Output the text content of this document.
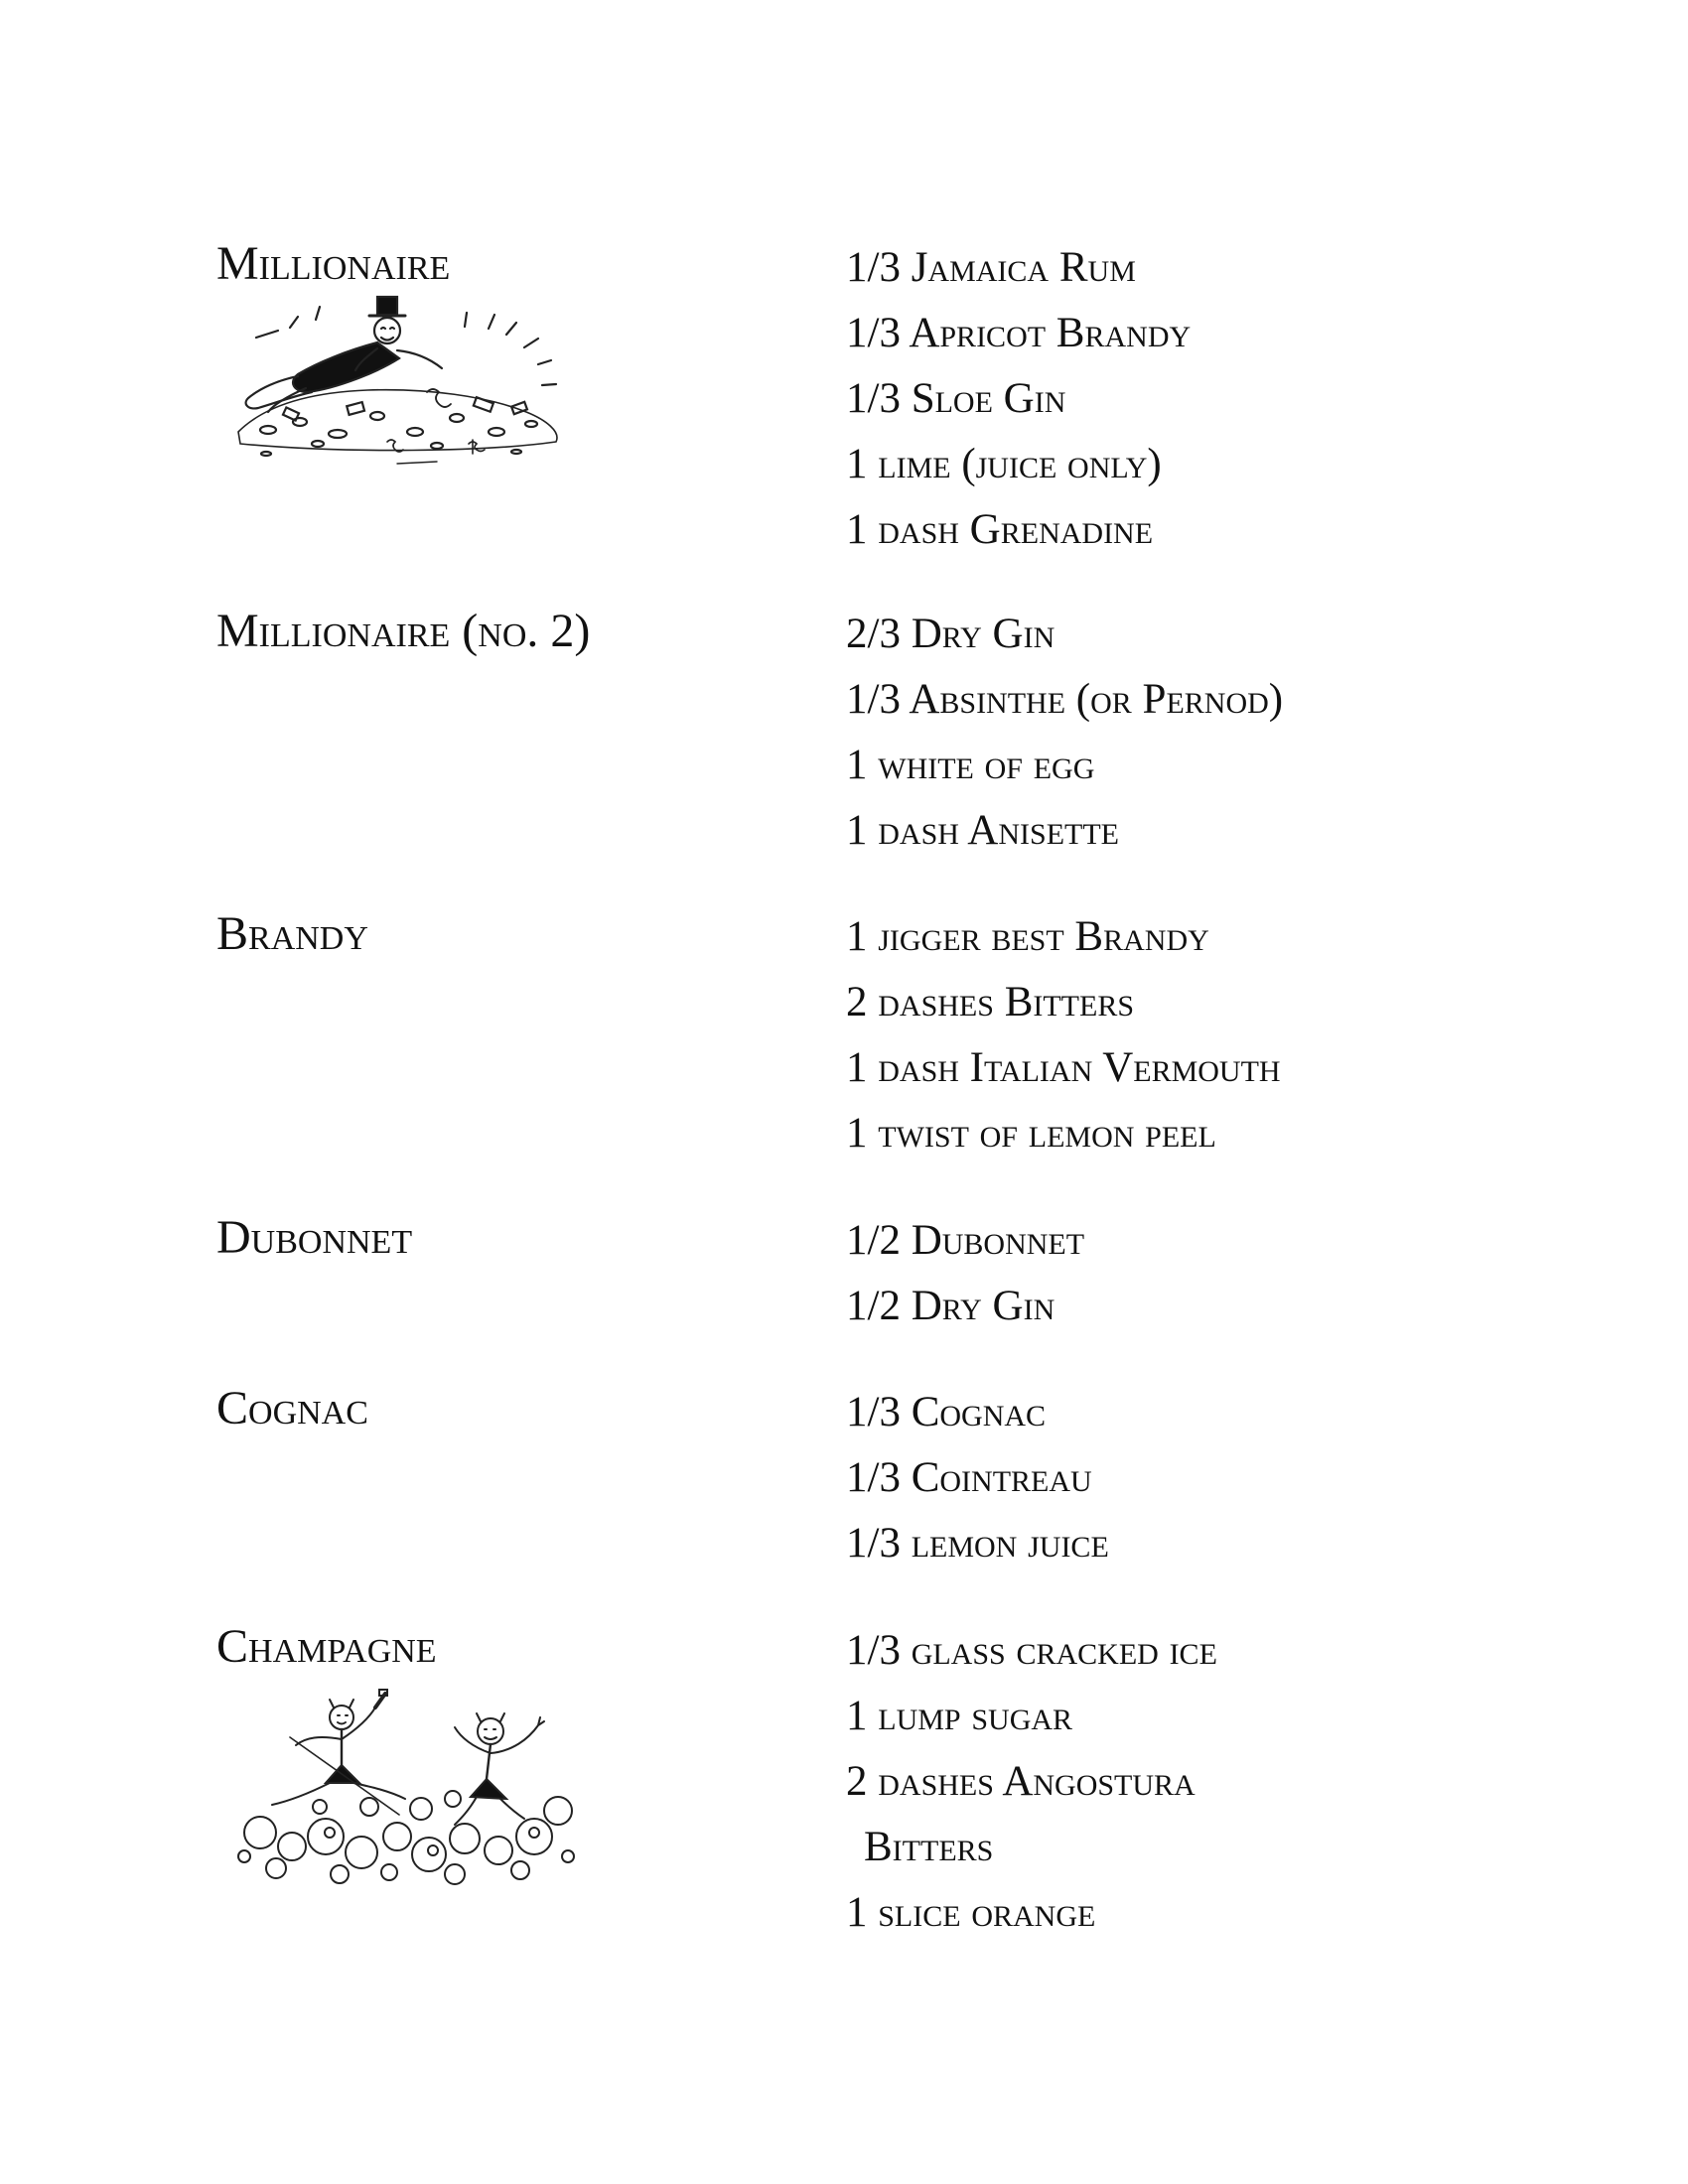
Millionaire	1/3 Jamaica Rum
1/3 Apricot Brandy
1/3 Sloe Gin
1 lime (juice only)
1 dash Grenadine
Millionaire (no. 2)	2/3 Dry Gin
1/3 Absinthe (or Pernod)
1 white of egg
1 dash Anisette
Brandy	1 jigger best Brandy
2 dashes Bitters
1 dash Italian Vermouth
1 twist of lemon peel
Dubonnet	1/2 Dubonnet
1/2 Dry Gin
Cognac	1/3 Cognac
1/3 Cointreau
1/3 lemon juice
Champagne	1/3 glass cracked ice
1 lump sugar
2 dashes Angostura
Bitters
1 slice orange
